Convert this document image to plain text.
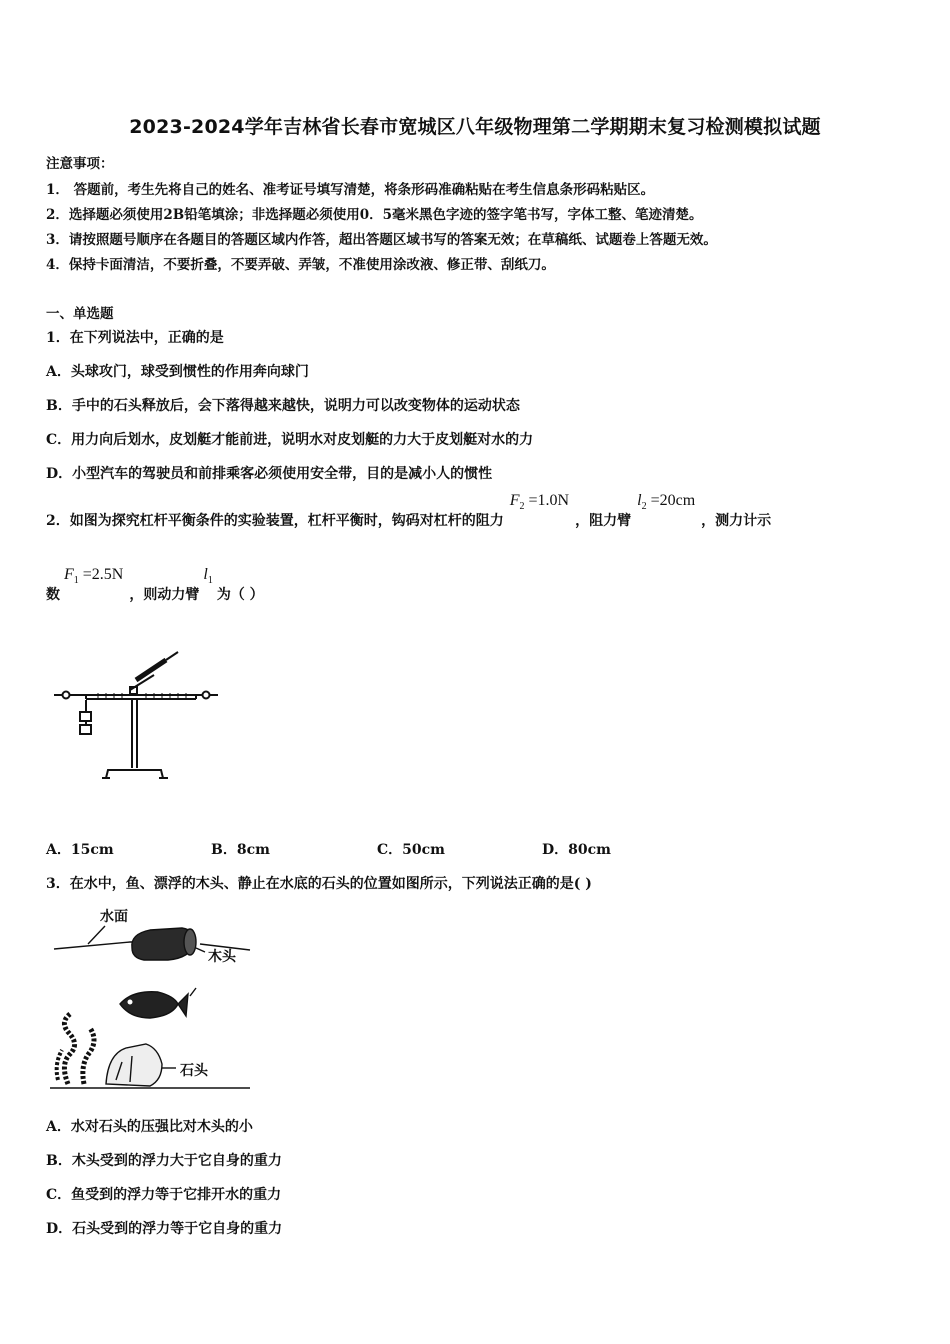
2023-2024学年吉林省长春市宽城区八年级物理第二学期期末复习检测模拟试题
注意事项：
1． 答题前，考生先将自己的姓名、准考证号填写清楚，将条形码准确粘贴在考生信息条形码粘贴区。
2．选择题必须使用2B铅笔填涂；非选择题必须使用0．5毫米黑色字迹的签字笔书写，字体工整、笔迹清楚。
3．请按照题号顺序在各题目的答题区域内作答，超出答题区域书写的答案无效；在草稿纸、试题卷上答题无效。
4．保持卡面清洁，不要折叠，不要弄破、弄皱，不准使用涂改液、修正带、刮纸刀。
一、单选题
1．在下列说法中，正确的是
A．头球攻门，球受到惯性的作用奔向球门
B．手中的石头释放后，会下落得越来越快，说明力可以改变物体的运动状态
C．用力向后划水，皮划艇才能前进，说明水对皮划艇的力大于皮划艇对水的力
D．小型汽车的驾驶员和前排乘客必须使用安全带，目的是减小人的惯性
2．如图为探究杠杆平衡条件的实验装置，杠杆平衡时，钩码对杠杆的阻力$F_2 =1.0N$，阻力臂$l_2 =20cm$，测力计示
数$F_1 =2.5N$，则动力臂$l_1$为（ ）
A．15cm	B．8cm	C．50cm	D．80cm
3．在水中，鱼、漂浮的木头、静止在水底的石头的位置如图所示，下列说法正确的是( )
水面
木头
石头
A．水对石头的压强比对木头的小
B．木头受到的浮力大于它自身的重力
C．鱼受到的浮力等于它排开水的重力
D．石头受到的浮力等于它自身的重力
